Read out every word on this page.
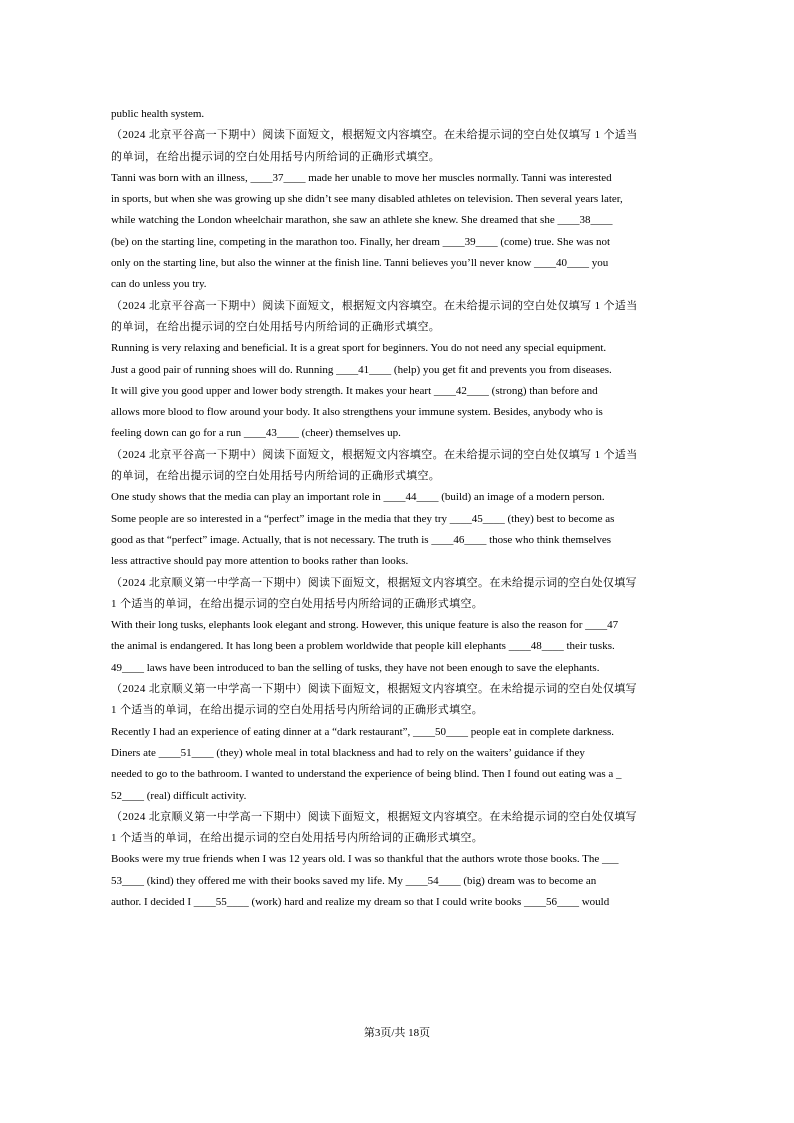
public health system.
（2024 北京平谷高一下期中）阅读下面短文，根据短文内容填空。在未给提示词的空白处仅填写 1 个适当
的单词，在给出提示词的空白处用括号内所给词的正确形式填空。
Tanni was born with an illness, ____37____ made her unable to move her muscles normally. Tanni was interested
in sports, but when she was growing up she didn’t see many disabled athletes on television. Then several years later,
while watching the London wheelchair marathon, she saw an athlete she knew. She dreamed that she ____38____
(be) on the starting line, competing in the marathon too. Finally, her dream ____39____ (come) true. She was not
only on the starting line, but also the winner at the finish line. Tanni believes you’ll never know ____40____ you
can do unless you try.
（2024 北京平谷高一下期中）阅读下面短文，根据短文内容填空。在未给提示词的空白处仅填写 1 个适当
的单词，在给出提示词的空白处用括号内所给词的正确形式填空。
Running is very relaxing and beneficial. It is a great sport for beginners. You do not need any special equipment.
Just a good pair of running shoes will do. Running ____41____ (help) you get fit and prevents you from diseases.
It will give you good upper and lower body strength. It makes your heart ____42____ (strong) than before and
allows more blood to flow around your body. It also strengthens your immune system. Besides, anybody who is
feeling down can go for a run ____43____ (cheer) themselves up.
（2024 北京平谷高一下期中）阅读下面短文，根据短文内容填空。在未给提示词的空白处仅填写 1 个适当
的单词，在给出提示词的空白处用括号内所给词的正确形式填空。
One study shows that the media can play an important role in ____44____ (build) an image of a modern person.
Some people are so interested in a “perfect” image in the media that they try ____45____ (they) best to become as
good as that “perfect” image. Actually, that is not necessary. The truth is ____46____ those who think themselves
less attractive should pay more attention to books rather than looks.
（2024 北京顺义第一中学高一下期中）阅读下面短文，根据短文内容填空。在未给提示词的空白处仅填写
1 个适当的单词，在给出提示词的空白处用括号内所给词的正确形式填空。
With their long tusks, elephants look elegant and strong. However, this unique feature is also the reason for ____47
the animal is endangered. It has long been a problem worldwide that people kill elephants ____48____ their tusks.
49____ laws have been introduced to ban the selling of tusks, they have not been enough to save the elephants.
（2024 北京顺义第一中学高一下期中）阅读下面短文，根据短文内容填空。在未给提示词的空白处仅填写
1 个适当的单词，在给出提示词的空白处用括号内所给词的正确形式填空。
Recently I had an experience of eating dinner at a “dark restaurant”, ____50____ people eat in complete darkness.
Diners ate ____51____ (they) whole meal in total blackness and had to rely on the waiters’ guidance if they
needed to go to the bathroom. I wanted to understand the experience of being blind. Then I found out eating was a _
52____ (real) difficult activity.
（2024 北京顺义第一中学高一下期中）阅读下面短文，根据短文内容填空。在未给提示词的空白处仅填写
1 个适当的单词，在给出提示词的空白处用括号内所给词的正确形式填空。
Books were my true friends when I was 12 years old. I was so thankful that the authors wrote those books. The ___
53____ (kind) they offered me with their books saved my life. My ____54____ (big) dream was to become an
author. I decided I ____55____ (work) hard and realize my dream so that I could write books ____56____ would
第3页/共 18页
